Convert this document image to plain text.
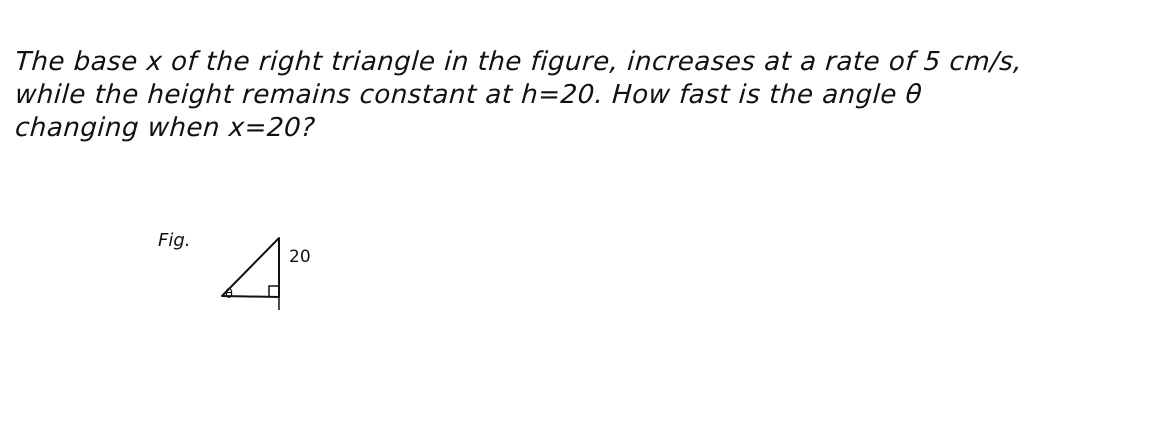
The base x of the right triangle in the figure, increases at a rate of 5 cm/s,
while the height remains constant at h=20. How fast is the angle θ
changing when x=20?
Fig.
20
θ
